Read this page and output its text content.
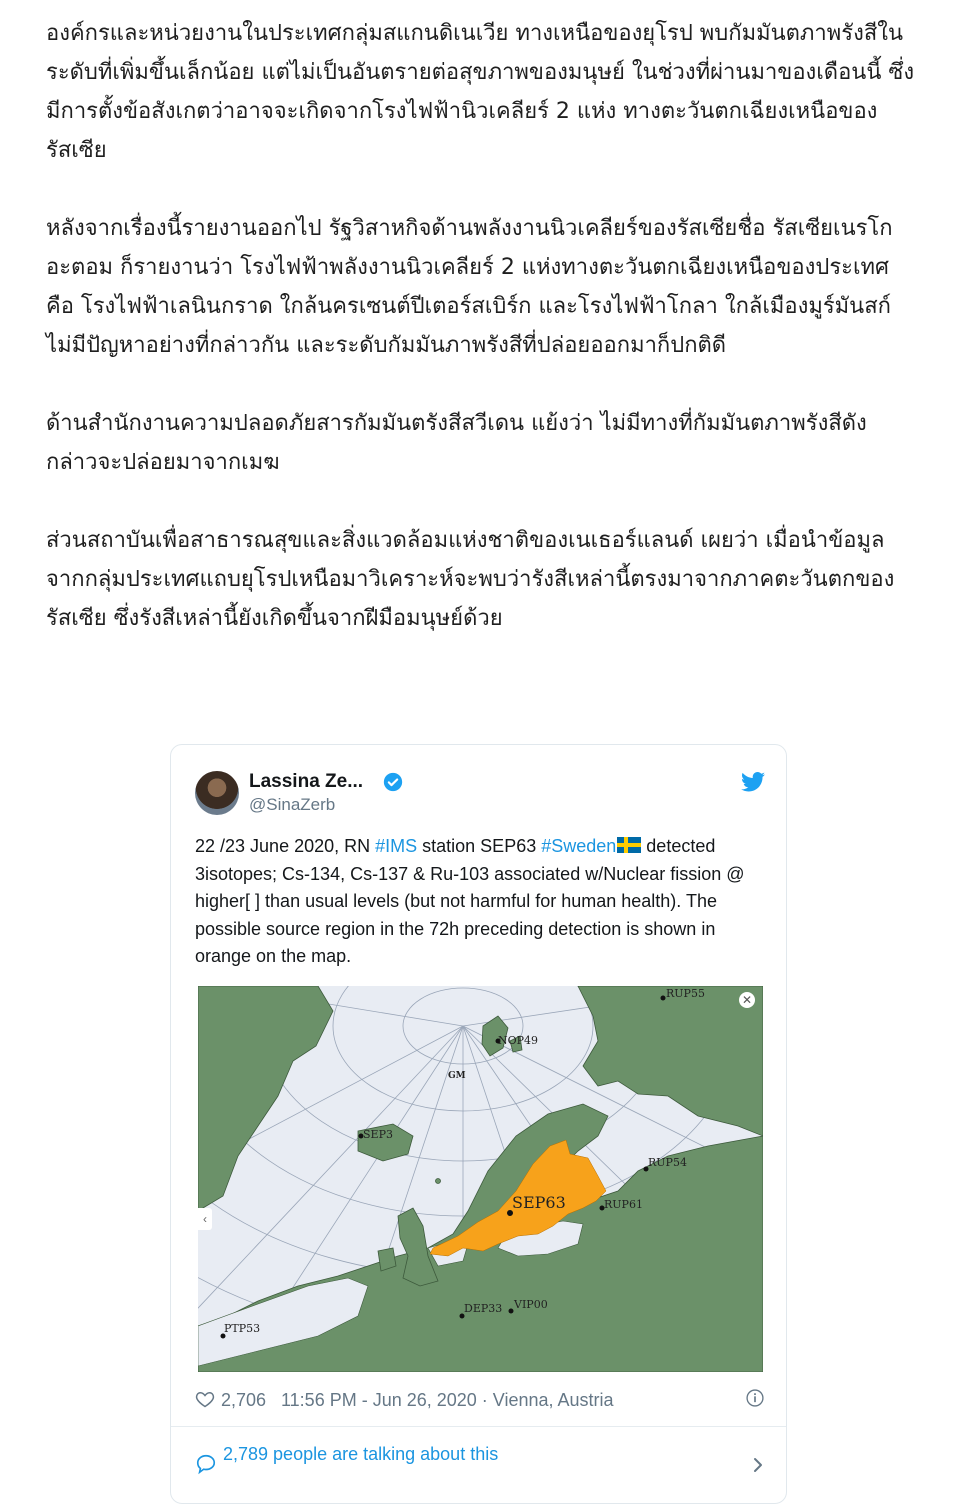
องค์กรและหน่วยงานในประเทศกลุ่มสแกนดิเนเวีย ทางเหนือของยุโรป พบกัมมันตภาพรังสีในระดับที่เพิ่มขึ้นเล็กน้อย แต่ไม่เป็นอันตรายต่อสุขภาพของมนุษย์ ในช่วงที่ผ่านมาของเดือนนี้ ซึ่งมีการตั้งข้อสังเกตว่าอาจจะเกิดจากโรงไฟฟ้านิวเคลียร์ 2 แห่ง ทางตะวันตกเฉียงเหนือของรัสเซีย

หลังจากเรื่องนี้รายงานออกไป รัฐวิสาหกิจด้านพลังงานนิวเคลียร์ของรัสเซียชื่อ รัสเซียเนรโกอะตอม ก็รายงานว่า โรงไฟฟ้าพลังงานนิวเคลียร์ 2 แห่งทางตะวันตกเฉียงเหนือของประเทศ คือ โรงไฟฟ้าเลนินกราด ใกล้นครเซนต์ปีเตอร์สเบิร์ก และโรงไฟฟ้าโกลา ใกล้เมืองมูร์มันสก์ ไม่มีปัญหาอย่างที่กล่าวกัน และระดับกัมมันภาพรังสีที่ปล่อยออกมาก็ปกติดี

ด้านสำนักงานความปลอดภัยสารกัมมันตรังสีสวีเดน แย้งว่า ไม่มีทางที่กัมมันตภาพรังสีดังกล่าวจะปล่อยมาจากเมฆ

ส่วนสถาบันเพื่อสาธารณสุขและสิ่งแวดล้อมแห่งชาติของเนเธอร์แลนด์ เผยว่า เมื่อนำข้อมูลจากกลุ่มประเทศแถบยุโรปเหนือมาวิเคราะห์จะพบว่ารังสีเหล่านี้ตรงมาจากภาคตะวันตกของรัสเซีย ซึ่งรังสีเหล่านี้ยังเกิดขึ้นจากฝีมือมนุษย์ด้วย

Lassina Ze...
@SinaZerb
22 /23 June 2020, RN #IMS station SEP63 #Sweden detected 3isotopes; Cs-134, Cs-137 & Ru-103 associated w/Nuclear fission @ higher[ ] than usual levels (but not harmful for human health). The possible source region in the 72h preceding detection is shown in orange on the map.
RUP55
NOP49
GM
SEP3
RUP54
SEP63	RUP61
DEP33 VIP00
PTP53
✕
‹
2,706 11:56 PM - Jun 26, 2020 · Vienna, Austria
2,789 people are talking about this
